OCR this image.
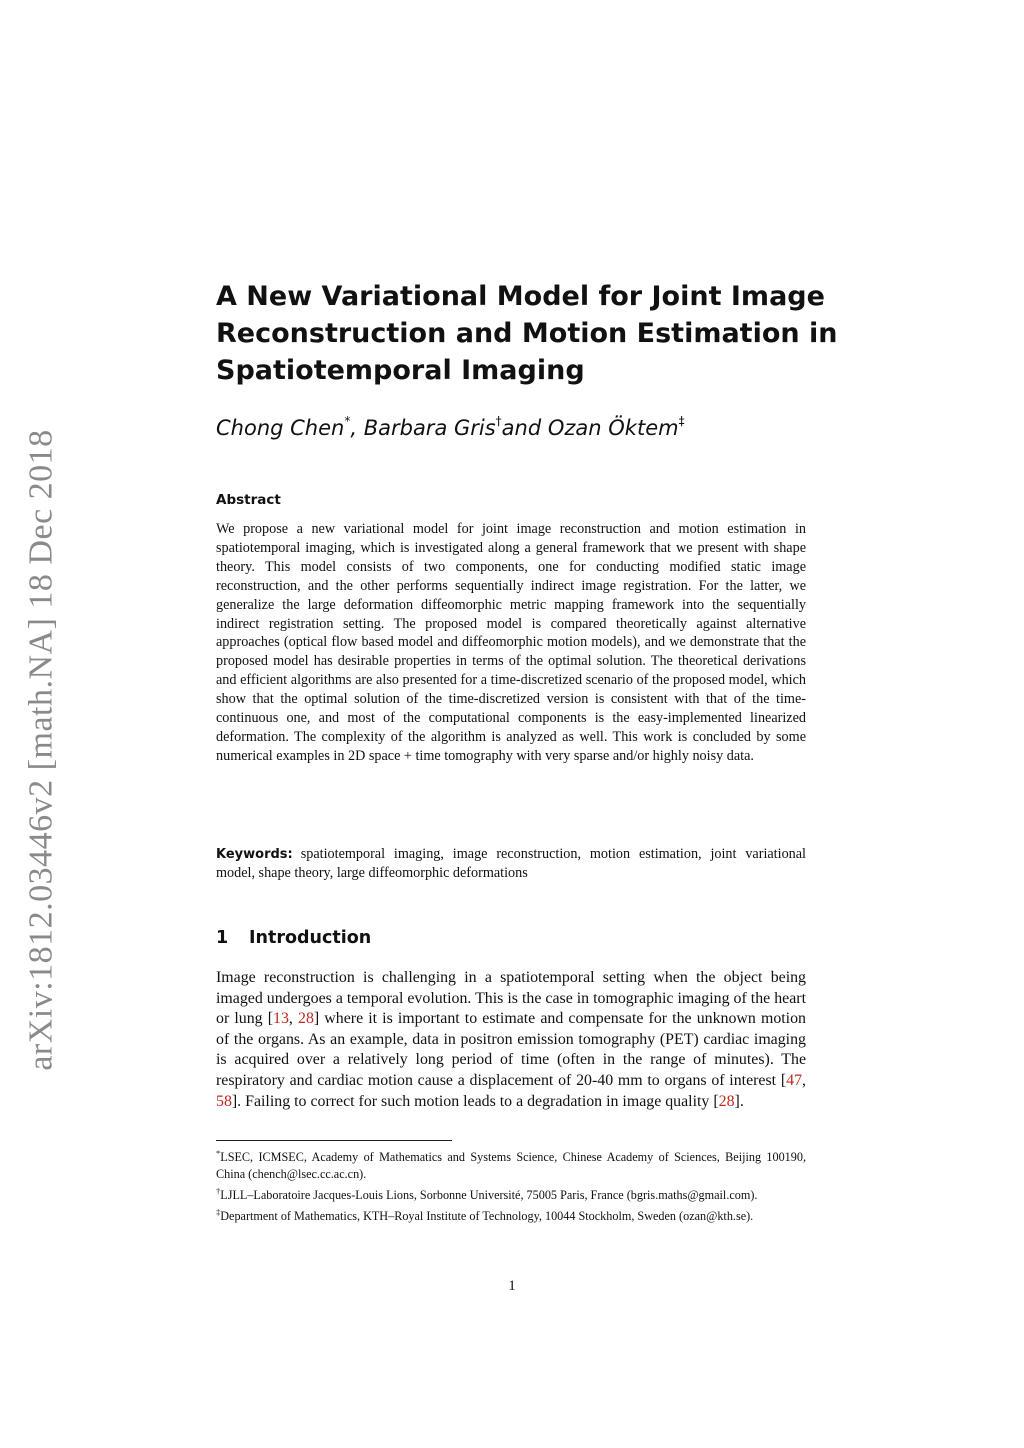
arXiv:1812.03446v2 [math.NA] 18 Dec 2018
A New Variational Model for Joint Image
Reconstruction and Motion Estimation in
Spatiotemporal Imaging
Chong Chen*, Barbara Gris†and Ozan Öktem‡
Abstract
We propose a new variational model for joint image reconstruction and motion estimation in spatiotemporal imaging, which is investigated along a general framework that we present with shape theory. This model consists of two components, one for conducting modified static image reconstruction, and the other performs sequentially indirect image registration. For the latter, we generalize the large deformation diffeomorphic metric mapping framework into the sequentially indirect registration setting. The proposed model is compared theoretically against alternative approaches (optical flow based model and diffeomorphic motion models), and we demonstrate that the proposed model has desirable properties in terms of the optimal solution. The theoretical derivations and efficient algorithms are also presented for a time-discretized scenario of the proposed model, which show that the optimal solution of the time-discretized version is consistent with that of the time-continuous one, and most of the computational components is the easy-implemented linearized deformation. The complexity of the algorithm is analyzed as well. This work is concluded by some numerical examples in 2D space + time tomography with very sparse and/or highly noisy data.
Keywords: spatiotemporal imaging, image reconstruction, motion estimation, joint variational model, shape theory, large diffeomorphic deformations
1 Introduction
Image reconstruction is challenging in a spatiotemporal setting when the object being imaged undergoes a temporal evolution. This is the case in tomographic imaging of the heart or lung [13, 28] where it is important to estimate and compensate for the unknown motion of the organs. As an example, data in positron emission tomography (PET) cardiac imaging is acquired over a relatively long period of time (often in the range of minutes). The respiratory and cardiac motion cause a displacement of 20-40 mm to organs of interest [47, 58]. Failing to correct for such motion leads to a degradation in image quality [28].

*LSEC, ICMSEC, Academy of Mathematics and Systems Science, Chinese Academy of Sciences, Beijing 100190, China (chench@lsec.cc.ac.cn).

†LJLL–Laboratoire Jacques-Louis Lions, Sorbonne Université, 75005 Paris, France (bgris.maths@gmail.com).

‡Department of Mathematics, KTH–Royal Institute of Technology, 10044 Stockholm, Sweden (ozan@kth.se).

1
